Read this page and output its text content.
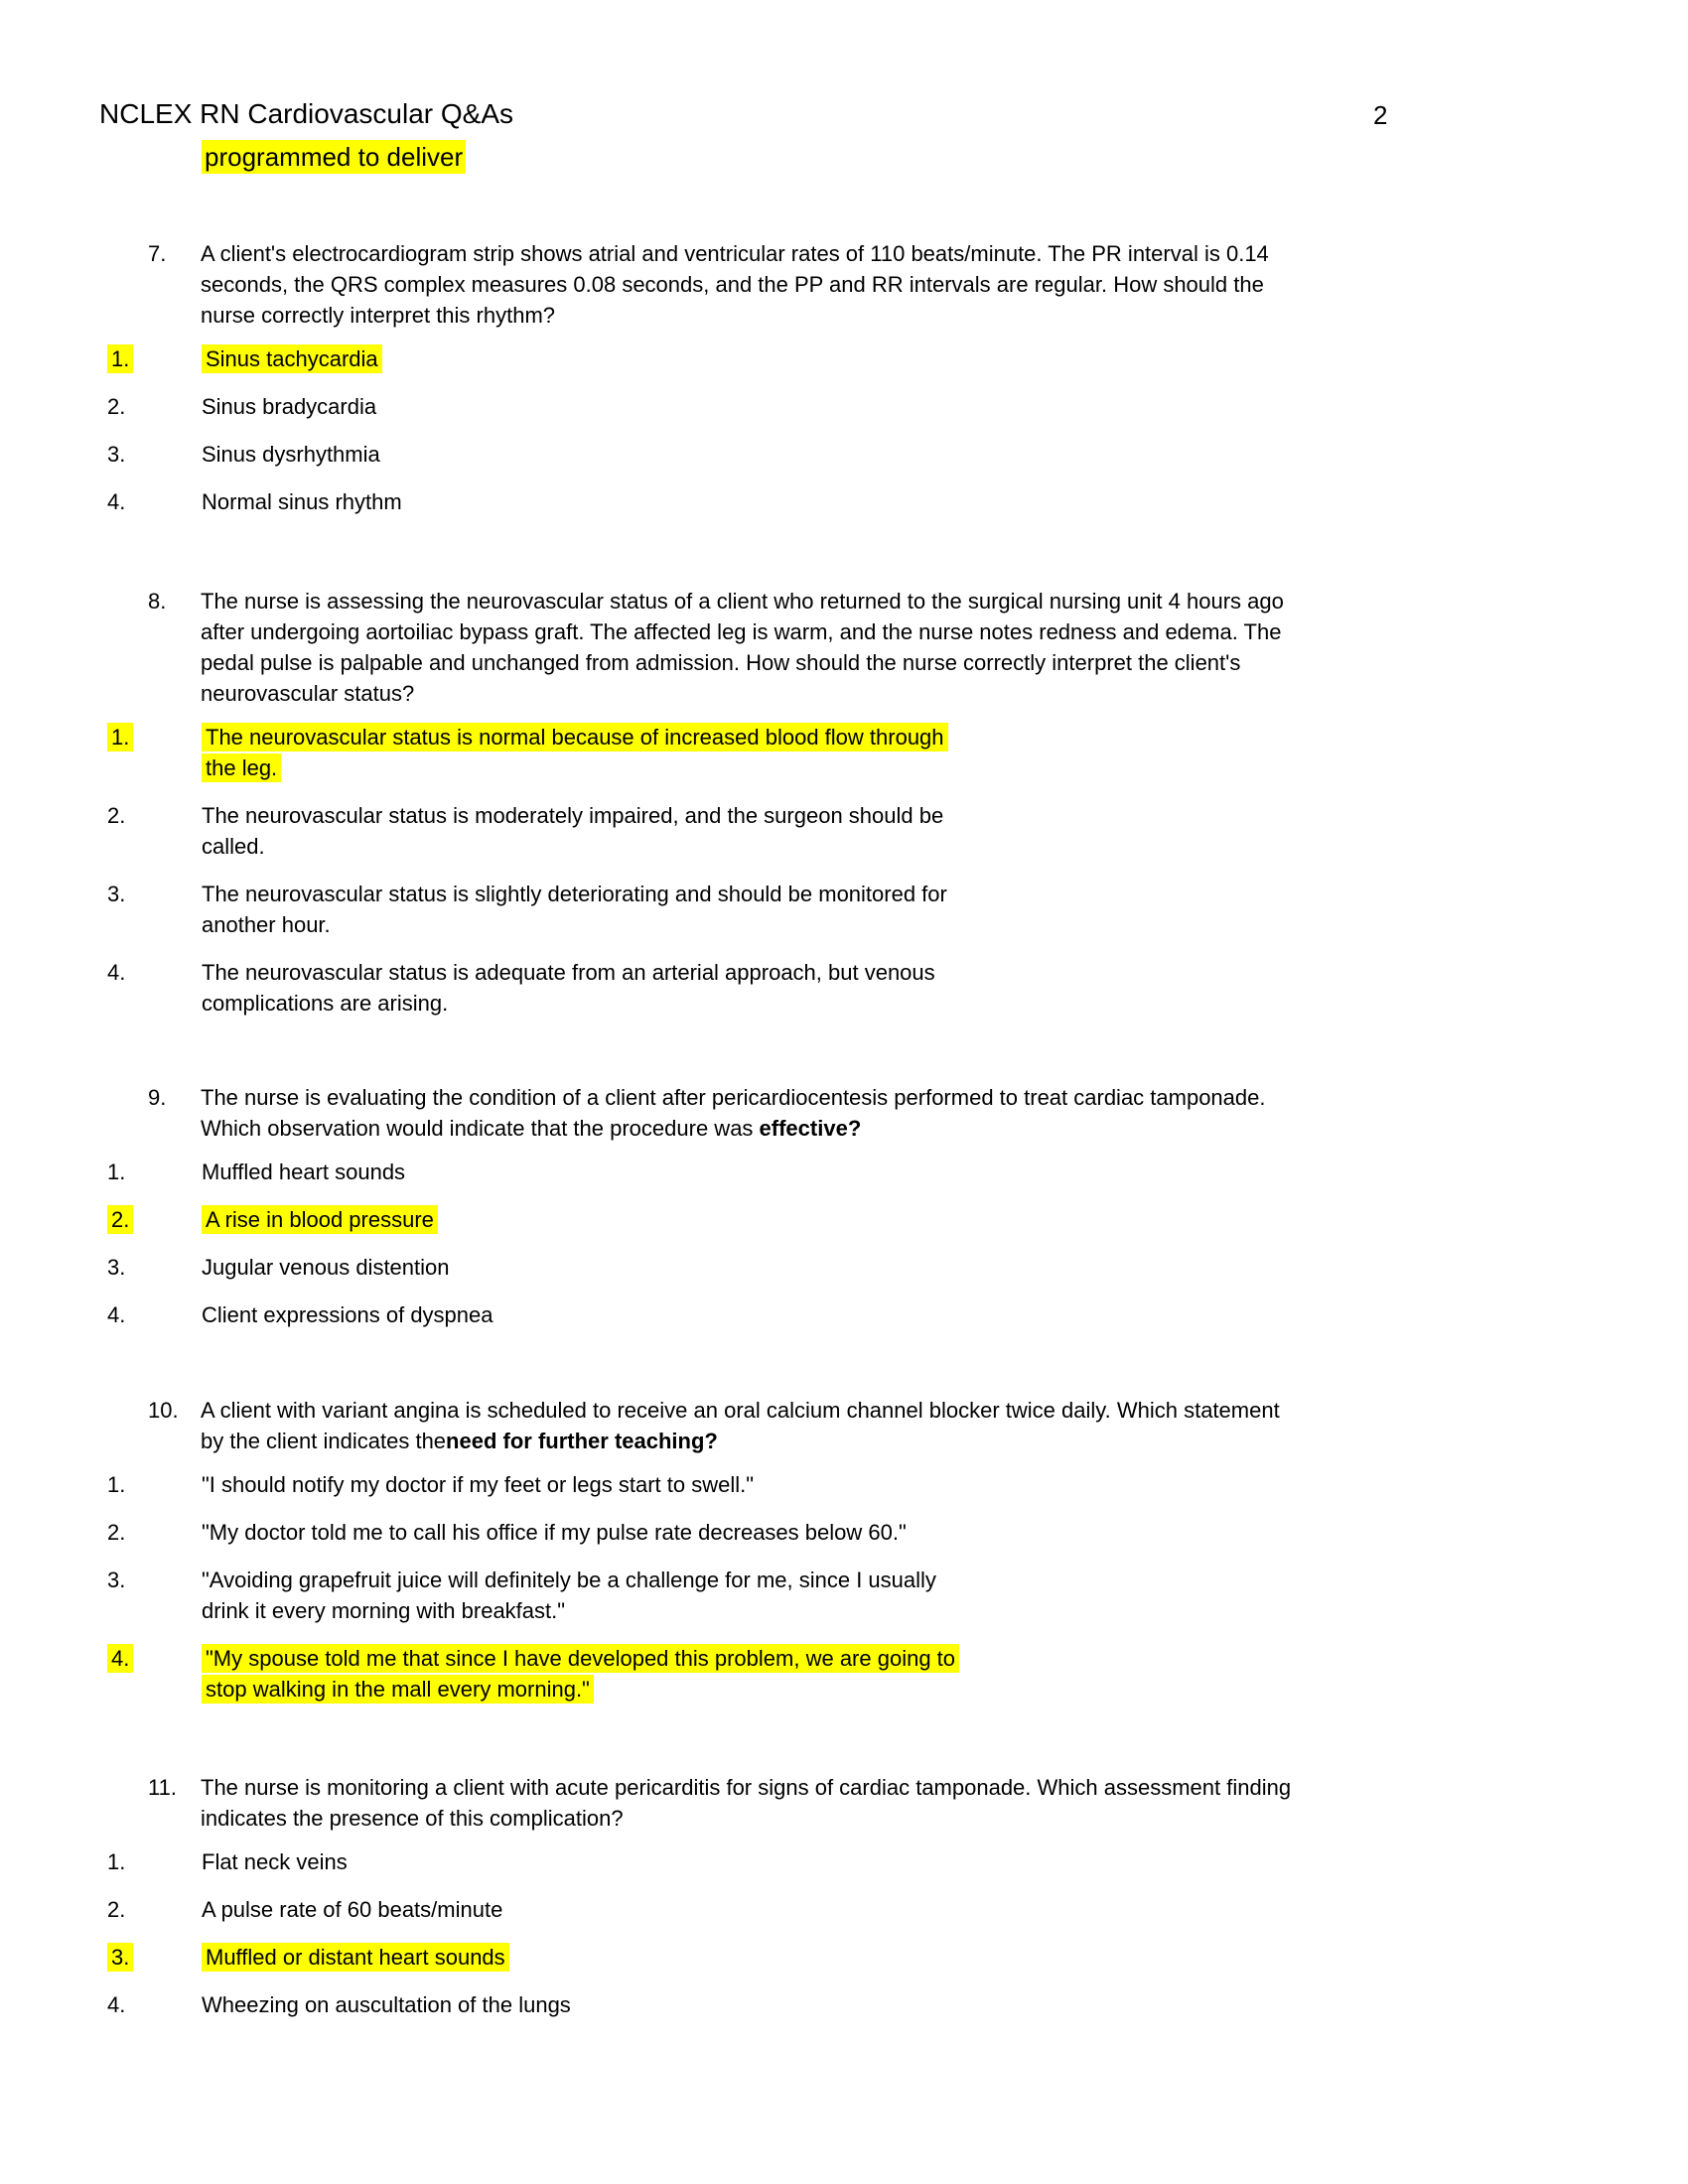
NCLEX RN Cardiovascular Q&As	2
programmed to deliver
7.	A client's electrocardiogram strip shows atrial and ventricular rates of 110 beats/minute. The PR interval is 0.14
seconds, the QRS complex measures 0.08 seconds, and the PP and RR intervals are regular. How should the
nurse correctly interpret this rhythm?
1.	Sinus tachycardia
2.	Sinus bradycardia
3.	Sinus dysrhythmia
4.	Normal sinus rhythm
8.	The nurse is assessing the neurovascular status of a client who returned to the surgical nursing unit 4 hours ago
after undergoing aortoiliac bypass graft. The affected leg is warm, and the nurse notes redness and edema. The
pedal pulse is palpable and unchanged from admission. How should the nurse correctly interpret the client's
neurovascular status?
1.	The neurovascular status is normal because of increased blood flow through
the leg.
2.	The neurovascular status is moderately impaired, and the surgeon should be
called.
3.	The neurovascular status is slightly deteriorating and should be monitored for
another hour.
4.	The neurovascular status is adequate from an arterial approach, but venous
complications are arising.
9.	The nurse is evaluating the condition of a client after pericardiocentesis performed to treat cardiac tamponade.
Which observation would indicate that the procedure was effective?
1.	Muffled heart sounds
2.	A rise in blood pressure
3.	Jugular venous distention
4.	Client expressions of dyspnea
10.	A client with variant angina is scheduled to receive an oral calcium channel blocker twice daily. Which statement
by the client indicates theneed for further teaching?
1.	"I should notify my doctor if my feet or legs start to swell."
2.	"My doctor told me to call his office if my pulse rate decreases below 60."
3.	"Avoiding grapefruit juice will definitely be a challenge for me, since I usually
drink it every morning with breakfast."
4.	"My spouse told me that since I have developed this problem, we are going to
stop walking in the mall every morning."
11.	The nurse is monitoring a client with acute pericarditis for signs of cardiac tamponade. Which assessment finding
indicates the presence of this complication?
1.	Flat neck veins
2.	A pulse rate of 60 beats/minute
3.	Muffled or distant heart sounds
4.	Wheezing on auscultation of the lungs
